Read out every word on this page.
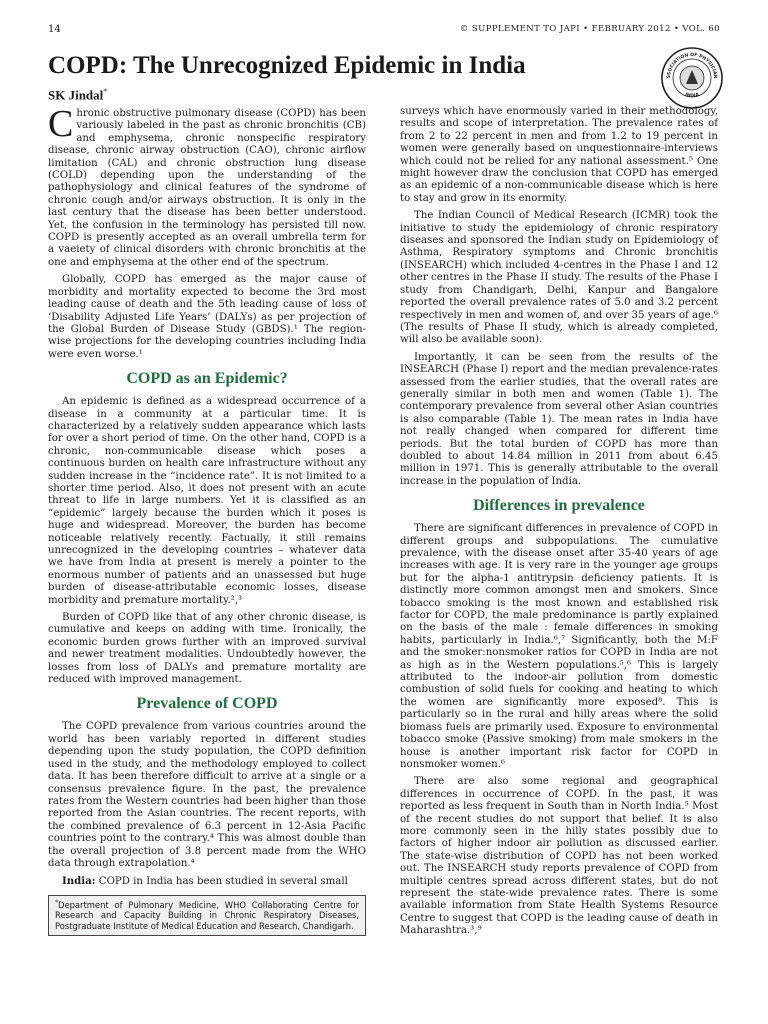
14	© SUPPLEMENT TO JAPI • FEBRUARY 2012 • VOL. 60
COPD: The Unrecognized Epidemic in India
SK Jindal*
SSOCIATION OF PHYSICIAN
INDIA

Chronic obstructive pulmonary disease (COPD) has been variously labeled in the past as chronic bronchitis (CB) and emphysema, chronic nonspecific respiratory disease, chronic airway obstruction (CAO), chronic airflow limitation (CAL) and chronic obstruction lung disease (COLD) depending upon the understanding of the pathophysiology and clinical features of the syndrome of chronic cough and/or airways obstruction. It is only in the last century that the disease has been better understood. Yet, the confusion in the terminology has persisted till now. COPD is presently accepted as an overall umbrella term for a vaeiety of clinical disorders with chronic bronchitis at the one and emphysema at the other end of the spectrum.

Globally, COPD has emerged as the major cause of morbidity and mortality expected to become the 3rd most leading cause of death and the 5th leading cause of loss of ‘Disability Adjusted Life Years’ (DALYs) as per projection of the Global Burden of Disease Study (GBDS).¹ The region-wise projections for the developing countries including India were even worse.¹

COPD as an Epidemic?

An epidemic is defined as a widespread occurrence of a disease in a community at a particular time. It is characterized by a relatively sudden appearance which lasts for over a short period of time. On the other hand, COPD is a chronic, non-communicable disease which poses a continuous burden on health care infrastructure without any sudden increase in the “incidence rate”. It is not limited to a shorter time period. Also, it does not present with an acute threat to life in large numbers. Yet it is classified as an “epidemic” largely because the burden which it poses is huge and widespread. Moreover, the burden has become noticeable relatively recently. Factually, it still remains unrecognized in the developing countries – whatever data we have from India at present is merely a pointer to the enormous number of patients and an unassessed but huge burden of disease-attributable economic losses, disease morbidity and premature mortality.²,³

Burden of COPD like that of any other chronic disease, is cumulative and keeps on adding with time. Ironically, the economic burden grows further with an improved survival and newer treatment modalities. Undoubtedly however, the losses from loss of DALYs and premature mortality are reduced with improved management.

Prevalence of COPD

The COPD prevalence from various countries around the world has been variably reported in different studies depending upon the study population, the COPD definition used in the study, and the methodology employed to collect data. It has been therefore difficult to arrive at a single or a consensus prevalence figure. In the past, the prevalence rates from the Western countries had been higher than those reported from the Asian countries. The recent reports, with the combined prevalence of 6.3 percent in 12-Asia Pacific countries point to the contrary.⁴ This was almost double than the overall projection of 3.8 percent made from the WHO data through extrapolation.⁴

India: COPD in India has been studied in several small

*Department of Pulmonary Medicine, WHO Collaborating Centre for Research and Capacity Building in Chronic Respiratory Diseases, Postgraduate Institute of Medical Education and Research, Chandigarh.

surveys which have enormously varied in their methodology, results and scope of interpretation. The prevalence rates of from 2 to 22 percent in men and from 1.2 to 19 percent in women were generally based on unquestionnaire-interviews which could not be relied for any national assessment.⁵ One might however draw the conclusion that COPD has emerged as an epidemic of a non-communicable disease which is here to stay and grow in its enormity.

The Indian Council of Medical Research (ICMR) took the initiative to study the epidemiology of chronic respiratory diseases and sponsored the Indian study on Epidemiology of Asthma, Respiratory symptoms and Chronic bronchitis (INSEARCH) which included 4-centres in the Phase I and 12 other centres in the Phase II study. The results of the Phase I study from Chandigarh, Delhi, Kanpur and Bangalore reported the overall prevalence rates of 5.0 and 3.2 percent respectively in men and women of, and over 35 years of age.⁶ (The results of Phase II study, which is already completed, will also be available soon).

Importantly, it can be seen from the results of the INSEARCH (Phase I) report and the median prevalence-rates assessed from the earlier studies, that the overall rates are generally similar in both men and women (Table 1). The contemporary prevalence from several other Asian countries is also comparable (Table 1). The mean rates in India have not really changed when compared for different time periods. But the total burden of COPD has more than doubled to about 14.84 million in 2011 from about 6.45 million in 1971. This is generally attributable to the overall increase in the population of India.

Differences in prevalence

There are significant differences in prevalence of COPD in different groups and subpopulations. The cumulative prevalence, with the disease onset after 35-40 years of age increases with age. It is very rare in the younger age groups but for the alpha-1 antitrypsin deficiency patients. It is distinctly more common amongst men and smokers. Since tobacco smoking is the most known and established risk factor for COPD, the male predominance is partly explained on the basis of the male : female differences in smoking habits, particularly in India.⁶,⁷ Significantly, both the M:F and the smoker:nonsmoker ratios for COPD in India are not as high as in the Western populations.⁵,⁶ This is largely attributed to the indoor-air pollution from domestic combustion of solid fuels for cooking and heating to which the women are significantly more exposed⁸. This is particularly so in the rural and hilly areas where the solid biomass fuels are primarily used. Exposure to environmental tobacco smoke (Passive smoking) from male smokers in the house is another important risk factor for COPD in nonsmoker women.⁶

There are also some regional and geographical differences in occurrence of COPD. In the past, it was reported as less frequent in South than in North India.⁵ Most of the recent studies do not support that belief. It is also more commonly seen in the hilly states possibly due to factors of higher indoor air pollution as discussed earlier. The state-wise distribution of COPD has not been worked out. The INSEARCH study reports prevalence of COPD from multiple centres spread across different states, but do not represent the state-wide prevalence rates. There is some available information from State Health Systems Resource Centre to suggest that COPD is the leading cause of death in Maharashtra.³,⁹
